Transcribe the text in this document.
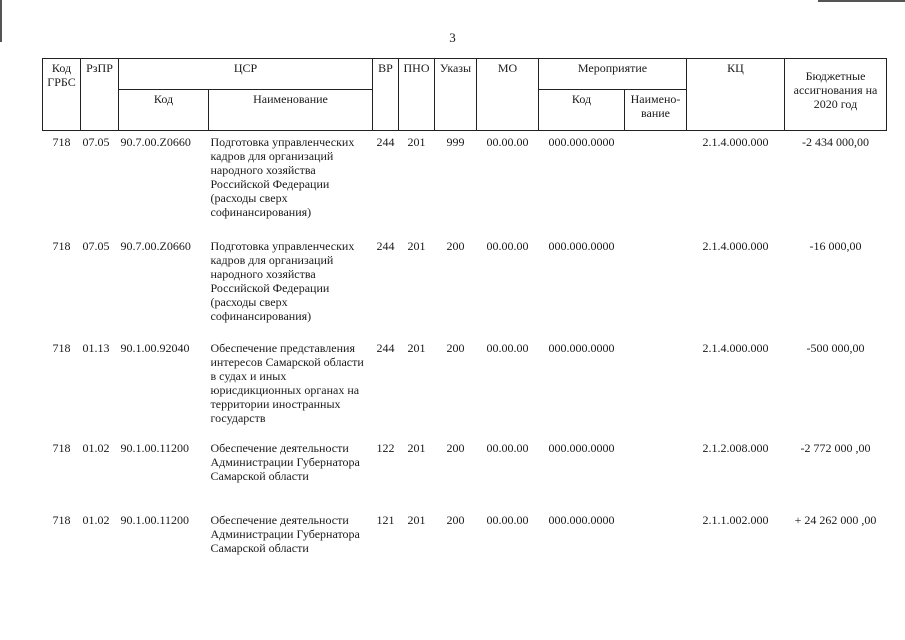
3
Код ГРБС	РзПР	ЦСР		ВР	ПНО	Указы	МО	Мероприятие		КЦ	Бюджетные ассигнования на 2020 год
		Код	Наименование					Код	Наимено-вание		
718	07.05	90.7.00.Z0660	Подготовка управленческих кадров для организаций народного хозяйства Российской Федерации (расходы сверх софинансирования)	244	201	999	00.00.00	000.000.0000		2.1.4.000.000	-2 434 000,00
718	07.05	90.7.00.Z0660	Подготовка управленческих кадров для организаций народного хозяйства Российской Федерации (расходы сверх софинансирования)	244	201	200	00.00.00	000.000.0000		2.1.4.000.000	-16 000,00
718	01.13	90.1.00.92040	Обеспечение представления интересов Самарской области в судах и иных юрисдикционных органах на территории иностранных государств	244	201	200	00.00.00	000.000.0000		2.1.4.000.000	-500 000,00
718	01.02	90.1.00.11200	Обеспечение деятельности Администрации Губернатора Самарской области	122	201	200	00.00.00	000.000.0000		2.1.2.008.000	-2 772 000 ,00
718	01.02	90.1.00.11200	Обеспечение деятельности Администрации Губернатора Самарской области	121	201	200	00.00.00	000.000.0000		2.1.1.002.000	+ 24 262 000 ,00
